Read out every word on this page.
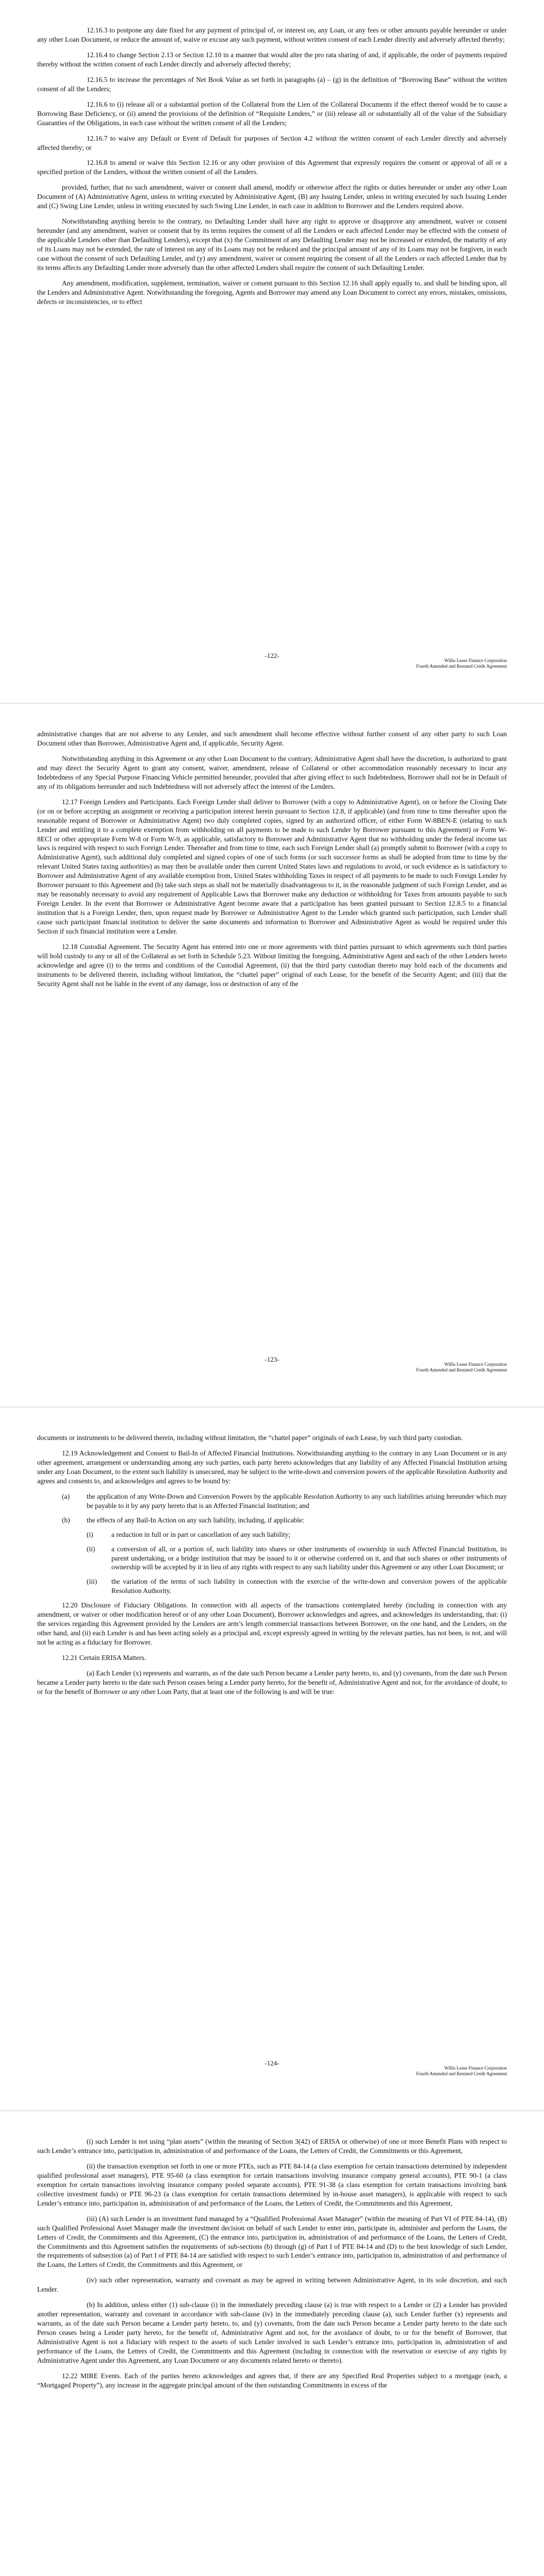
12.16.3 to postpone any date fixed for any payment of principal of, or interest on, any Loan, or any fees or other amounts payable hereunder or under any other Loan Document, or reduce the amount of, waive or excuse any such payment, without written consent of each Lender directly and adversely affected thereby;

12.16.4 to change Section 2.13 or Section 12.10 in a manner that would alter the pro rata sharing of and, if applicable, the order of payments required thereby without the written consent of each Lender directly and adversely affected thereby;

12.16.5 to increase the percentages of Net Book Value as set forth in paragraphs (a) – (g) in the definition of “Borrowing Base” without the written consent of all the Lenders;

12.16.6 to (i) release all or a substantial portion of the Collateral from the Lien of the Collateral Documents if the effect thereof would be to cause a Borrowing Base Deficiency, or (ii) amend the provisions of the definition of “Requisite Lenders,” or (iii) release all or substantially all of the value of the Subsidiary Guaranties of the Obligations, in each case without the written consent of all the Lenders;

12.16.7 to waive any Default or Event of Default for purposes of Section 4.2 without the written consent of each Lender directly and adversely affected thereby; or

12.16.8 to amend or waive this Section 12.16 or any other provision of this Agreement that expressly requires the consent or approval of all or a specified portion of the Lenders, without the written consent of all the Lenders.

provided, further, that no such amendment, waiver or consent shall amend, modify or otherwise affect the rights or duties hereunder or under any other Loan Document of (A) Administrative Agent, unless in writing executed by Administrative Agent, (B) any Issuing Lender, unless in writing executed by such Issuing Lender and (C) Swing Line Lender, unless in writing executed by such Swing Line Lender, in each case in addition to Borrower and the Lenders required above.

Notwithstanding anything herein to the contrary, no Defaulting Lender shall have any right to approve or disapprove any amendment, waiver or consent hereunder (and any amendment, waiver or consent that by its terms requires the consent of all the Lenders or each affected Lender may be effected with the consent of the applicable Lenders other than Defaulting Lenders), except that (x) the Commitment of any Defaulting Lender may not be increased or extended, the maturity of any of its Loans may not be extended, the rate of interest on any of its Loans may not be reduced and the principal amount of any of its Loans may not be forgiven, in each case without the consent of such Defaulting Lender, and (y) any amendment, waiver or consent requiring the consent of all the Lenders or each affected Lender that by its terms affects any Defaulting Lender more adversely than the other affected Lenders shall require the consent of such Defaulting Lender.

Any amendment, modification, supplement, termination, waiver or consent pursuant to this Section 12.16 shall apply equally to, and shall be binding upon, all the Lenders and Administrative Agent. Notwithstanding the foregoing, Agents and Borrower may amend any Loan Document to correct any errors, mistakes, omissions, defects or inconsistencies, or to effect

-122-
Willis Lease Finance Corporation
Fourth Amended and Restated Credit Agreement

administrative changes that are not adverse to any Lender, and such amendment shall become effective without further consent of any other party to such Loan Document other than Borrower, Administrative Agent and, if applicable, Security Agent.

Notwithstanding anything in this Agreement or any other Loan Document to the contrary, Administrative Agent shall have the discretion, is authorized to grant and may direct the Security Agent to grant any consent, waiver, amendment, release of Collateral or other accommodation reasonably necessary to incur any Indebtedness of any Special Purpose Financing Vehicle permitted hereunder, provided that after giving effect to such Indebtedness, Borrower shall not be in Default of any of its obligations hereunder and such Indebtedness will not adversely affect the interest of the Lenders.

12.17 Foreign Lenders and Participants. Each Foreign Lender shall deliver to Borrower (with a copy to Administrative Agent), on or before the Closing Date (or on or before accepting an assignment or receiving a participation interest herein pursuant to Section 12.8, if applicable) (and from time to time thereafter upon the reasonable request of Borrower or Administrative Agent) two duly completed copies, signed by an authorized officer, of either Form W-8BEN-E (relating to such Lender and entitling it to a complete exemption from withholding on all payments to be made to such Lender by Borrower pursuant to this Agreement) or Form W-8ECI or other appropriate Form W-8 or Form W-9, as applicable, satisfactory to Borrower and Administrative Agent that no withholding under the federal income tax laws is required with respect to such Foreign Lender. Thereafter and from time to time, each such Foreign Lender shall (a) promptly submit to Borrower (with a copy to Administrative Agent), such additional duly completed and signed copies of one of such forms (or such successor forms as shall be adopted from time to time by the relevant United States taxing authorities) as may then be available under then current United States laws and regulations to avoid, or such evidence as is satisfactory to Borrower and Administrative Agent of any available exemption from, United States withholding Taxes in respect of all payments to be made to such Foreign Lender by Borrower pursuant to this Agreement and (b) take such steps as shall not be materially disadvantageous to it, in the reasonable judgment of such Foreign Lender, and as may be reasonably necessary to avoid any requirement of Applicable Laws that Borrower make any deduction or withholding for Taxes from amounts payable to such Foreign Lender. In the event that Borrower or Administrative Agent become aware that a participation has been granted pursuant to Section 12.8.5 to a financial institution that is a Foreign Lender, then, upon request made by Borrower or Administrative Agent to the Lender which granted such participation, such Lender shall cause such participant financial institution to deliver the same documents and information to Borrower and Administrative Agent as would be required under this Section if such financial institution were a Lender.

12.18 Custodial Agreement. The Security Agent has entered into one or more agreements with third parties pursuant to which agreements such third parties will hold custody to any or all of the Collateral as set forth in Schedule 5.23. Without limiting the foregoing, Administrative Agent and each of the other Lenders hereto acknowledge and agree (i) to the terms and conditions of the Custodial Agreement, (ii) that the third party custodian thereto may hold each of the documents and instruments to be delivered therein, including without limitation, the “chattel paper” original of each Lease, for the benefit of the Security Agent; and (iii) that the Security Agent shall not be liable in the event of any damage, loss or destruction of any of the

-123-
Willis Lease Finance Corporation
Fourth Amended and Restated Credit Agreement

documents or instruments to be delivered therein, including without limitation, the “chattel paper” originals of each Lease, by such third party custodian.

12.19 Acknowledgement and Consent to Bail-In of Affected Financial Institutions. Notwithstanding anything to the contrary in any Loan Document or in any other agreement, arrangement or understanding among any such parties, each party hereto acknowledges that any liability of any Affected Financial Institution arising under any Loan Document, to the extent such liability is unsecured, may be subject to the write-down and conversion powers of the applicable Resolution Authority and agrees and consents to, and acknowledges and agrees to be bound by:

(a)	the application of any Write-Down and Conversion Powers by the applicable Resolution Authority to any such liabilities arising hereunder which may be payable to it by any party hereto that is an Affected Financial Institution; and
(b)	the effects of any Bail-In Action on any such liability, including, if applicable:
(i)	a reduction in full or in part or cancellation of any such liability;
(ii)	a conversion of all, or a portion of, such liability into shares or other instruments of ownership in such Affected Financial Institution, its parent undertaking, or a bridge institution that may be issued to it or otherwise conferred on it, and that such shares or other instruments of ownership will be accepted by it in lieu of any rights with respect to any such liability under this Agreement or any other Loan Document; or
(iii)	the variation of the terms of such liability in connection with the exercise of the write-down and conversion powers of the applicable Resolution Authority.

12.20 Disclosure of Fiduciary Obligations. In connection with all aspects of the transactions contemplated hereby (including in connection with any amendment, or waiver or other modification hereof or of any other Loan Document), Borrower acknowledges and agrees, and acknowledges its understanding, that: (i) the services regarding this Agreement provided by the Lenders are arm’s length commercial transactions between Borrower, on the one hand, and the Lenders, on the other hand, and (ii) each Lender is and has been acting solely as a principal and, except expressly agreed in writing by the relevant parties, has not been, is not, and will not be acting as a fiduciary for Borrower.

12.21 Certain ERISA Matters.

(a) Each Lender (x) represents and warrants, as of the date such Person became a Lender party hereto, to, and (y) covenants, from the date such Person became a Lender party hereto to the date such Person ceases being a Lender party hereto, for the benefit of, Administrative Agent and not, for the avoidance of doubt, to or for the benefit of Borrower or any other Loan Party, that at least one of the following is and will be true:

-124-
Willis Lease Finance Corporation
Fourth Amended and Restated Credit Agreement

(i) such Lender is not using “plan assets” (within the meaning of Section 3(42) of ERISA or otherwise) of one or more Benefit Plans with respect to such Lender’s entrance into, participation in, administration of and performance of the Loans, the Letters of Credit, the Commitments or this Agreement,

(ii) the transaction exemption set forth in one or more PTEs, such as PTE 84-14 (a class exemption for certain transactions determined by independent qualified professional asset managers), PTE 95-60 (a class exemption for certain transactions involving insurance company general accounts), PTE 90-1 (a class exemption for certain transactions involving insurance company pooled separate accounts), PTE 91-38 (a class exemption for certain transactions involving bank collective investment funds) or PTE 96-23 (a class exemption for certain transactions determined by in-house asset managers), is applicable with respect to such Lender’s entrance into, participation in, administration of and performance of the Loans, the Letters of Credit, the Commitments and this Agreement,

(iii) (A) such Lender is an investment fund managed by a “Qualified Professional Asset Manager” (within the meaning of Part VI of PTE 84-14), (B) such Qualified Professional Asset Manager made the investment decision on behalf of such Lender to enter into, participate in, administer and perform the Loans, the Letters of Credit, the Commitments and this Agreement, (C) the entrance into, participation in, administration of and performance of the Loans, the Letters of Credit, the Commitments and this Agreement satisfies the requirements of sub-sections (b) through (g) of Part I of PTE 84-14 and (D) to the best knowledge of such Lender, the requirements of subsection (a) of Part I of PTE 84-14 are satisfied with respect to such Lender’s entrance into, participation in, administration of and performance of the Loans, the Letters of Credit, the Commitments and this Agreement, or

(iv) such other representation, warranty and covenant as may be agreed in writing between Administrative Agent, in its sole discretion, and such Lender.

(b) In addition, unless either (1) sub-clause (i) in the immediately preceding clause (a) is true with respect to a Lender or (2) a Lender has provided another representation, warranty and covenant in accordance with sub-clause (iv) in the immediately preceding clause (a), such Lender further (x) represents and warrants, as of the date such Person became a Lender party hereto, to, and (y) covenants, from the date such Person became a Lender party hereto to the date such Person ceases being a Lender party hereto, for the benefit of, Administrative Agent and not, for the avoidance of doubt, to or for the benefit of Borrower, that Administrative Agent is not a fiduciary with respect to the assets of such Lender involved in such Lender’s entrance into, participation in, administration of and performance of the Loans, the Letters of Credit, the Commitments and this Agreement (including in connection with the reservation or exercise of any rights by Administrative Agent under this Agreement, any Loan Document or any documents related hereto or thereto).

12.22 MIRE Events. Each of the parties hereto acknowledges and agrees that, if there are any Specified Real Properties subject to a mortgage (each, a “Mortgaged Property”), any increase in the aggregate principal amount of the then outstanding Commitments in excess of the
